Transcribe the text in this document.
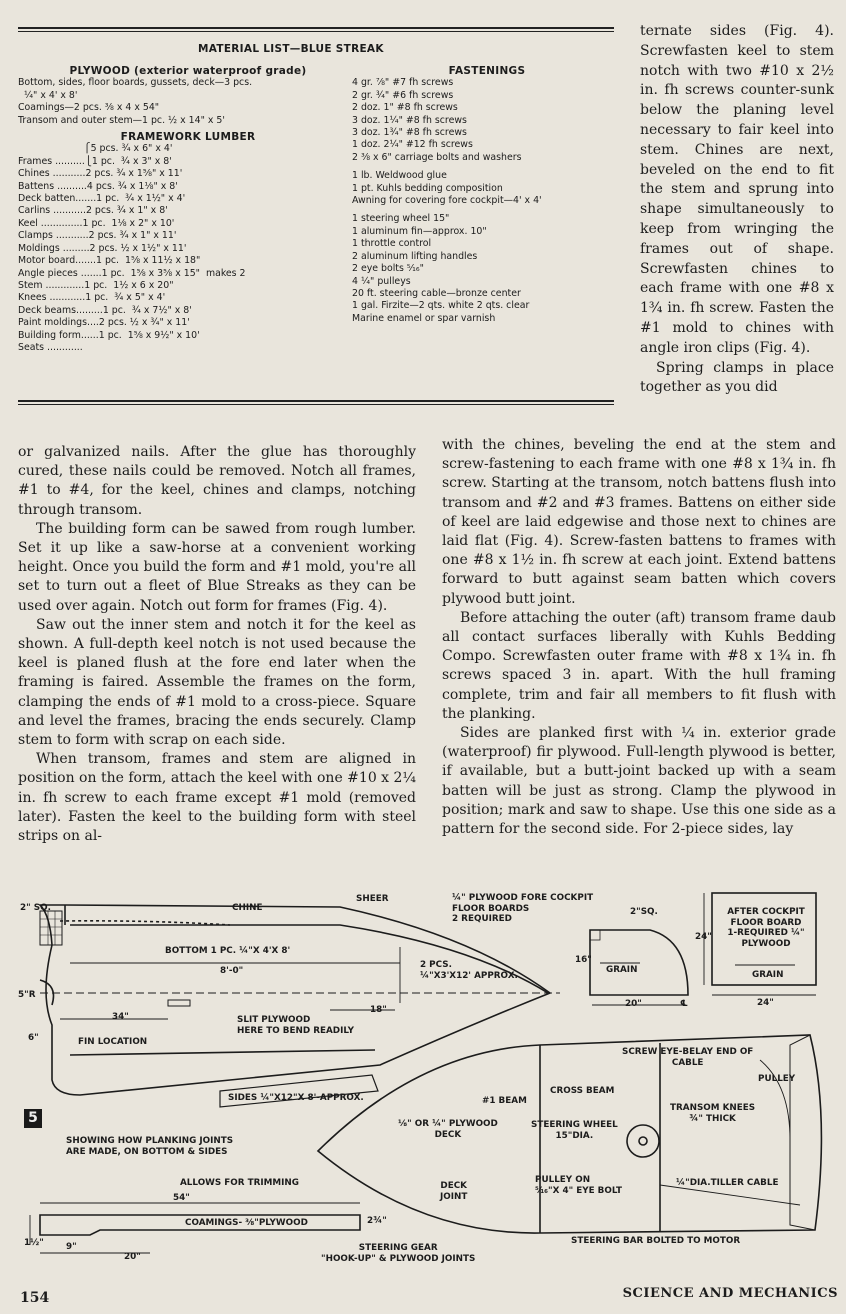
MATERIAL LIST—BLUE STREAK
PLYWOOD (exterior waterproof grade)
Bottom, sides, floor boards, gussets, deck—3 pcs.
¼" x 4' x 8'
Coamings—2 pcs. ⅜ x 4 x 54"
Transom and outer stem—1 pc. ½ x 14" x 5'
FRAMEWORK LUMBER
⎧5 pcs. ¾ x 6" x 4'
Frames ..........⎩1 pc.  ¾ x 3" x 8'
Chines ...........2 pcs. ¾ x 1⅝" x 11'
Battens ..........4 pcs. ¾ x 1⅛" x 8'
Deck batten.......1 pc.  ¾ x 1½" x 4'
Carlins ...........2 pcs. ¾ x 1" x 8'
Keel ..............1 pc.  1⅛ x 2" x 10'
Clamps ...........2 pcs. ¾ x 1" x 11'
Moldings .........2 pcs. ½ x 1½" x 11'
Motor board.......1 pc.  1⅝ x 11½ x 18"
Angle pieces .......1 pc.  1⅝ x 3⅝ x 15"  makes 2
Stem .............1 pc.  1½ x 6 x 20"
Knees ............1 pc.  ¾ x 5" x 4'
Deck beams.........1 pc.  ¾ x 7½" x 8'
Paint moldings....2 pcs. ½ x ¾" x 11'
Building form......1 pc.  1⅝ x 9½" x 10'
Seats ............
FASTENINGS
4 gr. ⅞" #7 fh screws
2 gr. ¾" #6 fh screws
2 doz. 1" #8 fh screws
3 doz. 1¼" #8 fh screws
3 doz. 1¾" #8 fh screws
1 doz. 2¼" #12 fh screws
2 ⅜ x 6" carriage bolts and washers

1 lb. Weldwood glue
1 pt. Kuhls bedding composition
Awning for covering fore cockpit—4' x 4'

1 steering wheel 15"
1 aluminum fin—approx. 10"
1 throttle control
2 aluminum lifting handles
2 eye bolts ⁵⁄₁₆"
4 ¼" pulleys
20 ft. steering cable—bronze center
1 gal. Firzite—2 qts. white 2 qts. clear
Marine enamel or spar varnish

ternate sides (Fig. 4). Screwfasten keel to stem notch with two #10 x 2½ in. fh screws counter-sunk below the planing level necessary to fair keel into stem. Chines are next, beveled on the end to fit the stem and sprung into shape simultaneously to keep from wringing the frames out of shape. Screwfasten chines to each frame with one #8 x 1¾ in. fh screw. Fasten the #1 mold to chines with angle iron clips (Fig. 4).

Spring clamps in place together as you did

or galvanized nails. After the glue has thoroughly cured, these nails could be removed. Notch all frames, #1 to #4, for the keel, chines and clamps, notching through transom.

The building form can be sawed from rough lumber. Set it up like a saw-horse at a convenient working height. Once you build the form and #1 mold, you're all set to turn out a fleet of Blue Streaks as they can be used over again. Notch out form for frames (Fig. 4).

Saw out the inner stem and notch it for the keel as shown. A full-depth keel notch is not used because the keel is planed flush at the fore end later when the framing is faired. Assemble the frames on the form, clamping the ends of #1 mold to a cross-piece. Square and level the frames, bracing the ends securely. Clamp stem to form with scrap on each side.

When transom, frames and stem are aligned in position on the form, attach the keel with one #10 x 2¼ in. fh screw to each frame except #1 mold (removed later). Fasten the keel to the building form with steel strips on al-

with the chines, beveling the end at the stem and screw-fastening to each frame with one #8 x 1¾ in. fh screw. Starting at the transom, notch battens flush into transom and #2 and #3 frames. Battens on either side of keel are laid edgewise and those next to chines are laid flat (Fig. 4). Screw-fasten battens to frames with one #8 x 1½ in. fh screw at each joint. Extend battens forward to butt against seam batten which covers plywood butt joint.

Before attaching the outer (aft) transom frame daub all contact surfaces liberally with Kuhls Bedding Compo. Screwfasten outer frame with #8 x 1¾ in. fh screws spaced 3 in. apart. With the hull framing complete, trim and fair all members to fit flush with the planking.

Sides are planked first with ¼ in. exterior grade (waterproof) fir plywood. Full-length plywood is better, if available, but a butt-joint backed up with a seam batten will be just as strong. Clamp the plywood in position; mark and saw to shape. Use this one side as a pattern for the second side. For 2-piece sides, lay

5
2" SQ.	CHINE
SHEER
BOTTOM 1 PC. ¼"X 4'X 8'
8'-0"
2 PCS.
¼"X3'X12' APPROX.
5"R
34"
18"
6"
SLIT PLYWOOD
HERE TO BEND READILY
FIN LOCATION
SIDES ¼"X12"X 8'-APPROX.
¼" PLYWOOD FORE COCKPIT
FLOOR BOARDS
2 REQUIRED
2"SQ.
16"
GRAIN
20"	℄
24"
AFTER COCKPIT
FLOOR BOARD
1-REQUIRED ¼"
PLYWOOD
GRAIN
24"
SCREW EYE-BELAY END OF
CABLE
PULLEY
#1 BEAM
CROSS BEAM
TRANSOM KNEES
¾" THICK
⅛" OR ¼" PLYWOOD
DECK
STEERING WHEEL
15"DIA.
SHOWING HOW PLANKING JOINTS
ARE MADE, ON BOTTOM & SIDES
DECK
JOINT
PULLEY ON
⁵⁄₁₆"X 4" EYE BOLT
¼"DIA.TILLER CABLE
ALLOWS FOR TRIMMING
54"
COAMINGS- ⅜"PLYWOOD	2¾"
1½"	9"
20"
STEERING BAR BOLTED TO MOTOR
STEERING GEAR
"HOOK-UP" & PLYWOOD JOINTS
154	SCIENCE AND MECHANICS
